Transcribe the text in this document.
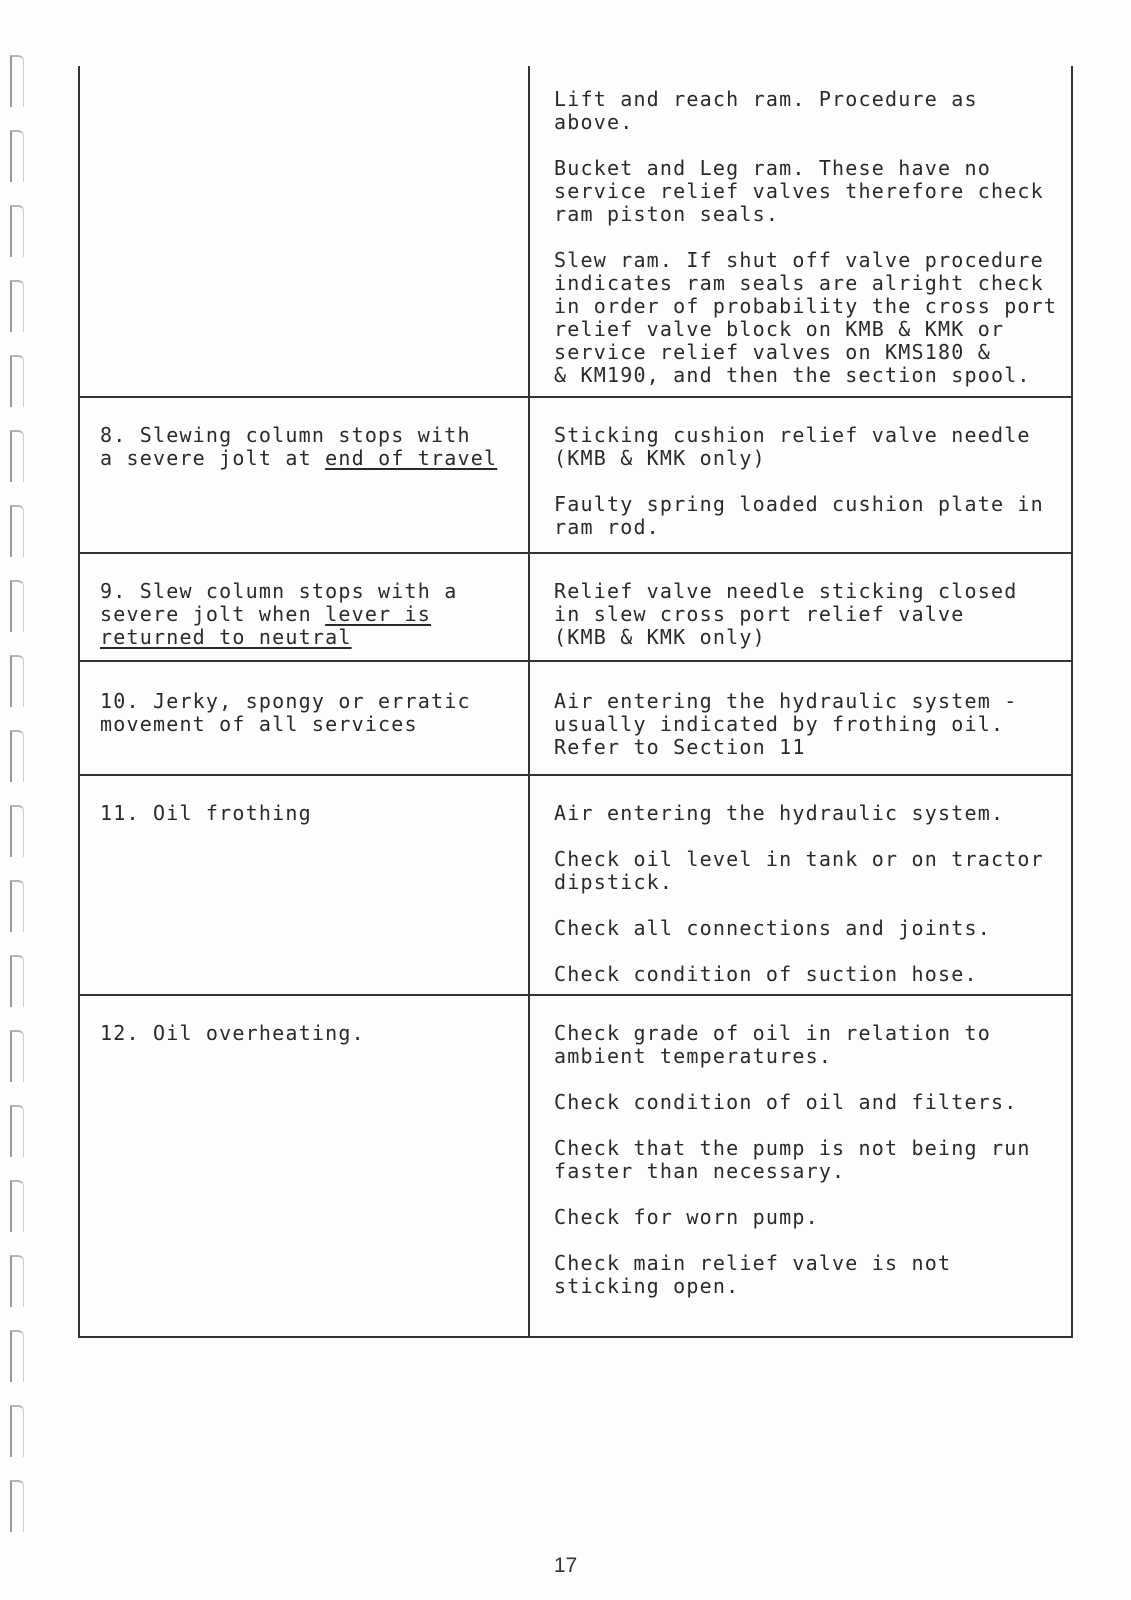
Lift and reach ram. Procedure as
above.

Bucket and Leg ram. These have no
service relief valves therefore check
ram piston seals.

Slew ram. If shut off valve procedure
indicates ram seals are alright check
in order of probability the cross port
relief valve block on KMB & KMK or
service relief valves on KMS180 &
& KM190, and then the section spool.

8. Slewing column stops with
a severe jolt at end of travel

Sticking cushion relief valve needle
(KMB & KMK only)

Faulty spring loaded cushion plate in
ram rod.

9. Slew column stops with a
severe jolt when lever is
returned to neutral

Relief valve needle sticking closed
in slew cross port relief valve
(KMB & KMK only)

10. Jerky, spongy or erratic
movement of all services

Air entering the hydraulic system -
usually indicated by frothing oil.
Refer to Section 11

11. Oil frothing	Air entering the hydraulic system.

Check oil level in tank or on tractor
dipstick.

Check all connections and joints.

Check condition of suction hose.

12. Oil overheating.	Check grade of oil in relation to
ambient temperatures.

Check condition of oil and filters.

Check that the pump is not being run
faster than necessary.

Check for worn pump.

Check main relief valve is not
sticking open.

17
